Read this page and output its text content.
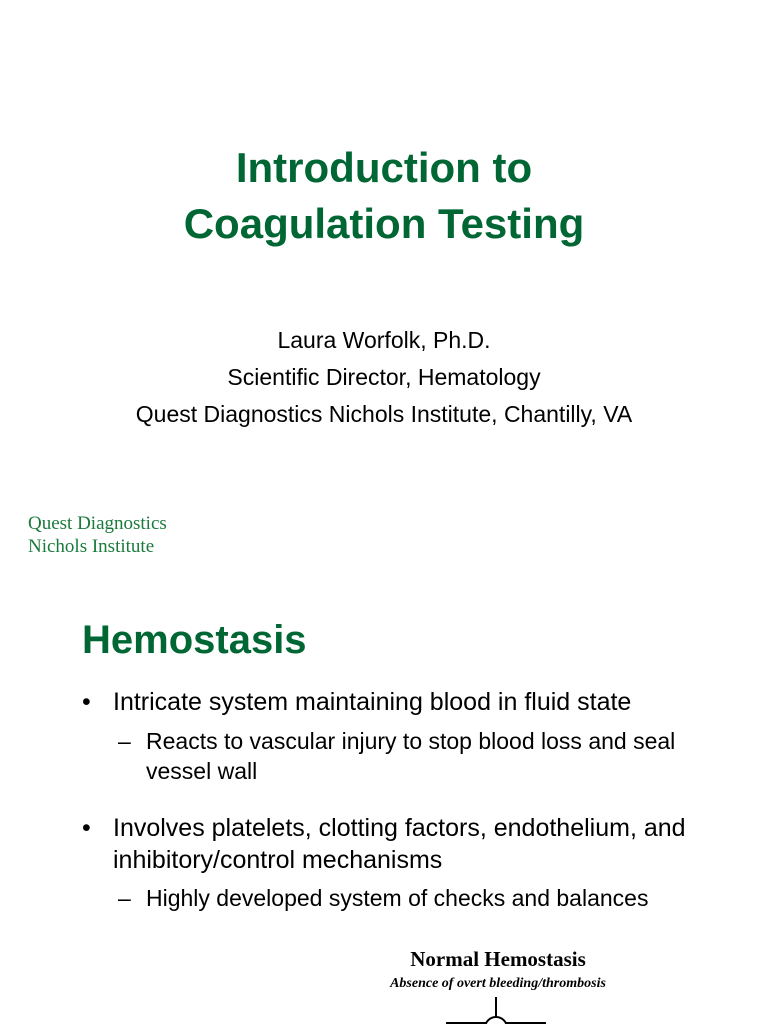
Introduction to
Coagulation Testing
Laura Worfolk, Ph.D.
Scientific Director, Hematology
Quest Diagnostics Nichols Institute, Chantilly, VA
Quest Diagnostics
Nichols Institute
Hemostasis
• Intricate system maintaining blood in fluid state
– Reacts to vascular injury to stop blood loss and seal vessel wall
• Involves platelets, clotting factors, endothelium, and inhibitory/control mechanisms
– Highly developed system of checks and balances
Normal Hemostasis
Absence of overt bleeding/thrombosis
